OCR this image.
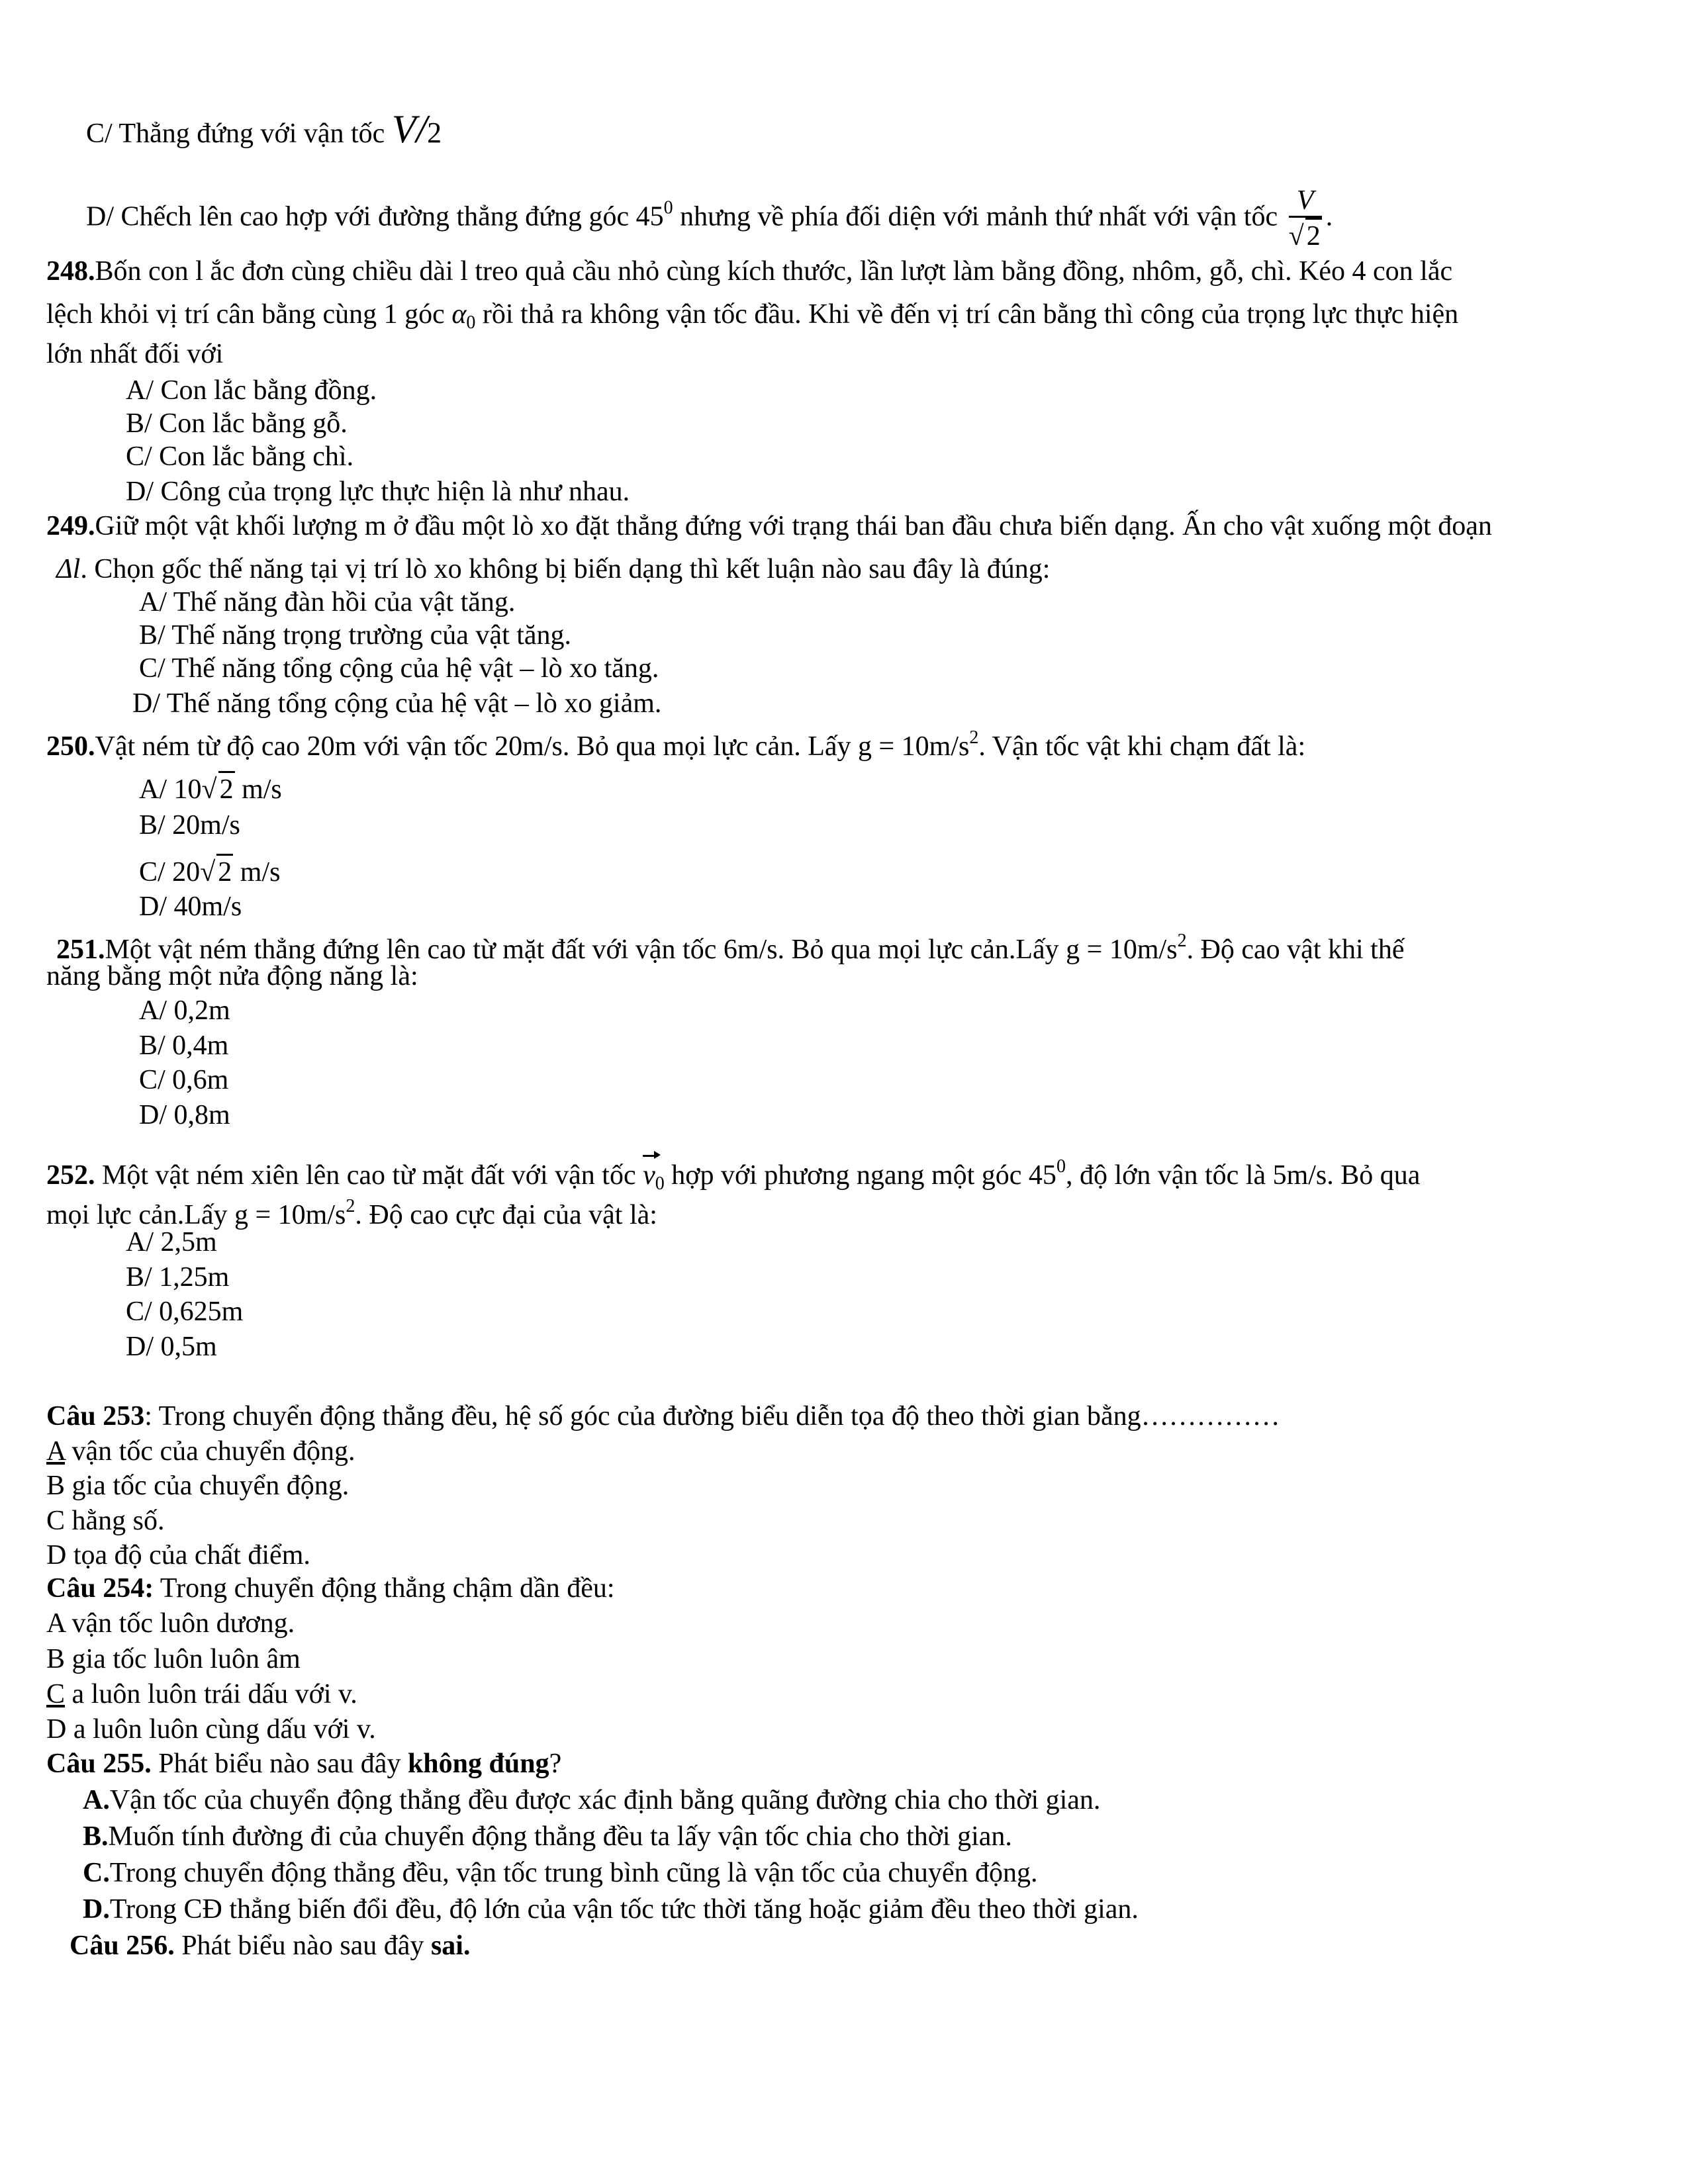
C/ Thẳng đứng với vận tốc V/2
D/ Chếch lên cao hợp với đường thẳng đứng góc $45^0$ nhưng về phía đối diện với mảnh thứ nhất với vận tốc $\frac{V}{√2}$ .
248.Bốn con l ắc đơn cùng chiều dài l treo quả cầu nhỏ cùng kích thước, lần lượt làm bằng đồng, nhôm, gỗ, chì. Kéo 4 con lắc
lệch khỏi vị trí cân bằng cùng 1 góc $\alpha_0$ rồi thả ra không vận tốc đầu. Khi về đến vị trí cân bằng thì công của trọng lực thực hiện
lớn nhất đối với
A/ Con lắc bằng đồng.
B/ Con lắc bằng gỗ.
C/ Con lắc bằng chì.
D/ Công của trọng lực thực hiện là như nhau.
249.Giữ một vật khối lượng m ở đầu một lò xo đặt thẳng đứng với trạng thái ban đầu chưa biến dạng. Ấn cho vật xuống một đoạn
Δl. Chọn gốc thế năng tại vị trí lò xo không bị biến dạng thì kết luận nào sau đây là đúng:
A/ Thế năng đàn hồi của vật tăng.
B/ Thế năng trọng trường của vật tăng.
C/ Thế năng tổng cộng của hệ vật – lò xo tăng.
D/ Thế năng tổng cộng của hệ vật – lò xo giảm.
250.Vật ném từ độ cao 20m với vận tốc 20m/s. Bỏ qua mọi lực cản. Lấy $g = 10m/s^2$. Vận tốc vật khi chạm đất là:
A/ 10√2 m/s
B/ 20m/s
C/ 20√2 m/s
D/ 40m/s
251.Một vật ném thẳng đứng lên cao từ mặt đất với vận tốc 6m/s. Bỏ qua mọi lực cản.Lấy $g = 10m/s^2$. Độ cao vật khi thế
năng bằng một nửa động năng là:
A/ 0,2m
B/ 0,4m
C/ 0,6m
D/ 0,8m
252. Một vật ném xiên lên cao từ mặt đất với vận tốc $v_0$ hợp với phương ngang một góc $45^0$, độ lớn vận tốc là 5m/s. Bỏ qua
mọi lực cản.Lấy $g = 10m/s^2$. Độ cao cực đại của vật là:
A/ 2,5m
B/ 1,25m
C/ 0,625m
D/ 0,5m
Câu 253: Trong chuyển động thẳng đều, hệ số góc của đường biểu diễn tọa độ theo thời gian bằng……………
A vận tốc của chuyển động.
B gia tốc của chuyển động.
C hằng số.
D tọa độ của chất điểm.
Câu 254: Trong chuyển động thẳng chậm dần đều:
A vận tốc luôn dương.
B gia tốc luôn luôn âm
C a luôn luôn trái dấu với v.
D a luôn luôn cùng dấu với v.
Câu 255. Phát biểu nào sau đây không đúng?
A.Vận tốc của chuyển động thẳng đều được xác định bằng quãng đường chia cho thời gian.
B.Muốn tính đường đi của chuyển động thẳng đều ta lấy vận tốc chia cho thời gian.
C.Trong chuyển động thẳng đều, vận tốc trung bình cũng là vận tốc của chuyển động.
D.Trong CĐ thẳng biến đổi đều, độ lớn của vận tốc tức thời tăng hoặc giảm đều theo thời gian.
Câu 256. Phát biểu nào sau đây sai.
